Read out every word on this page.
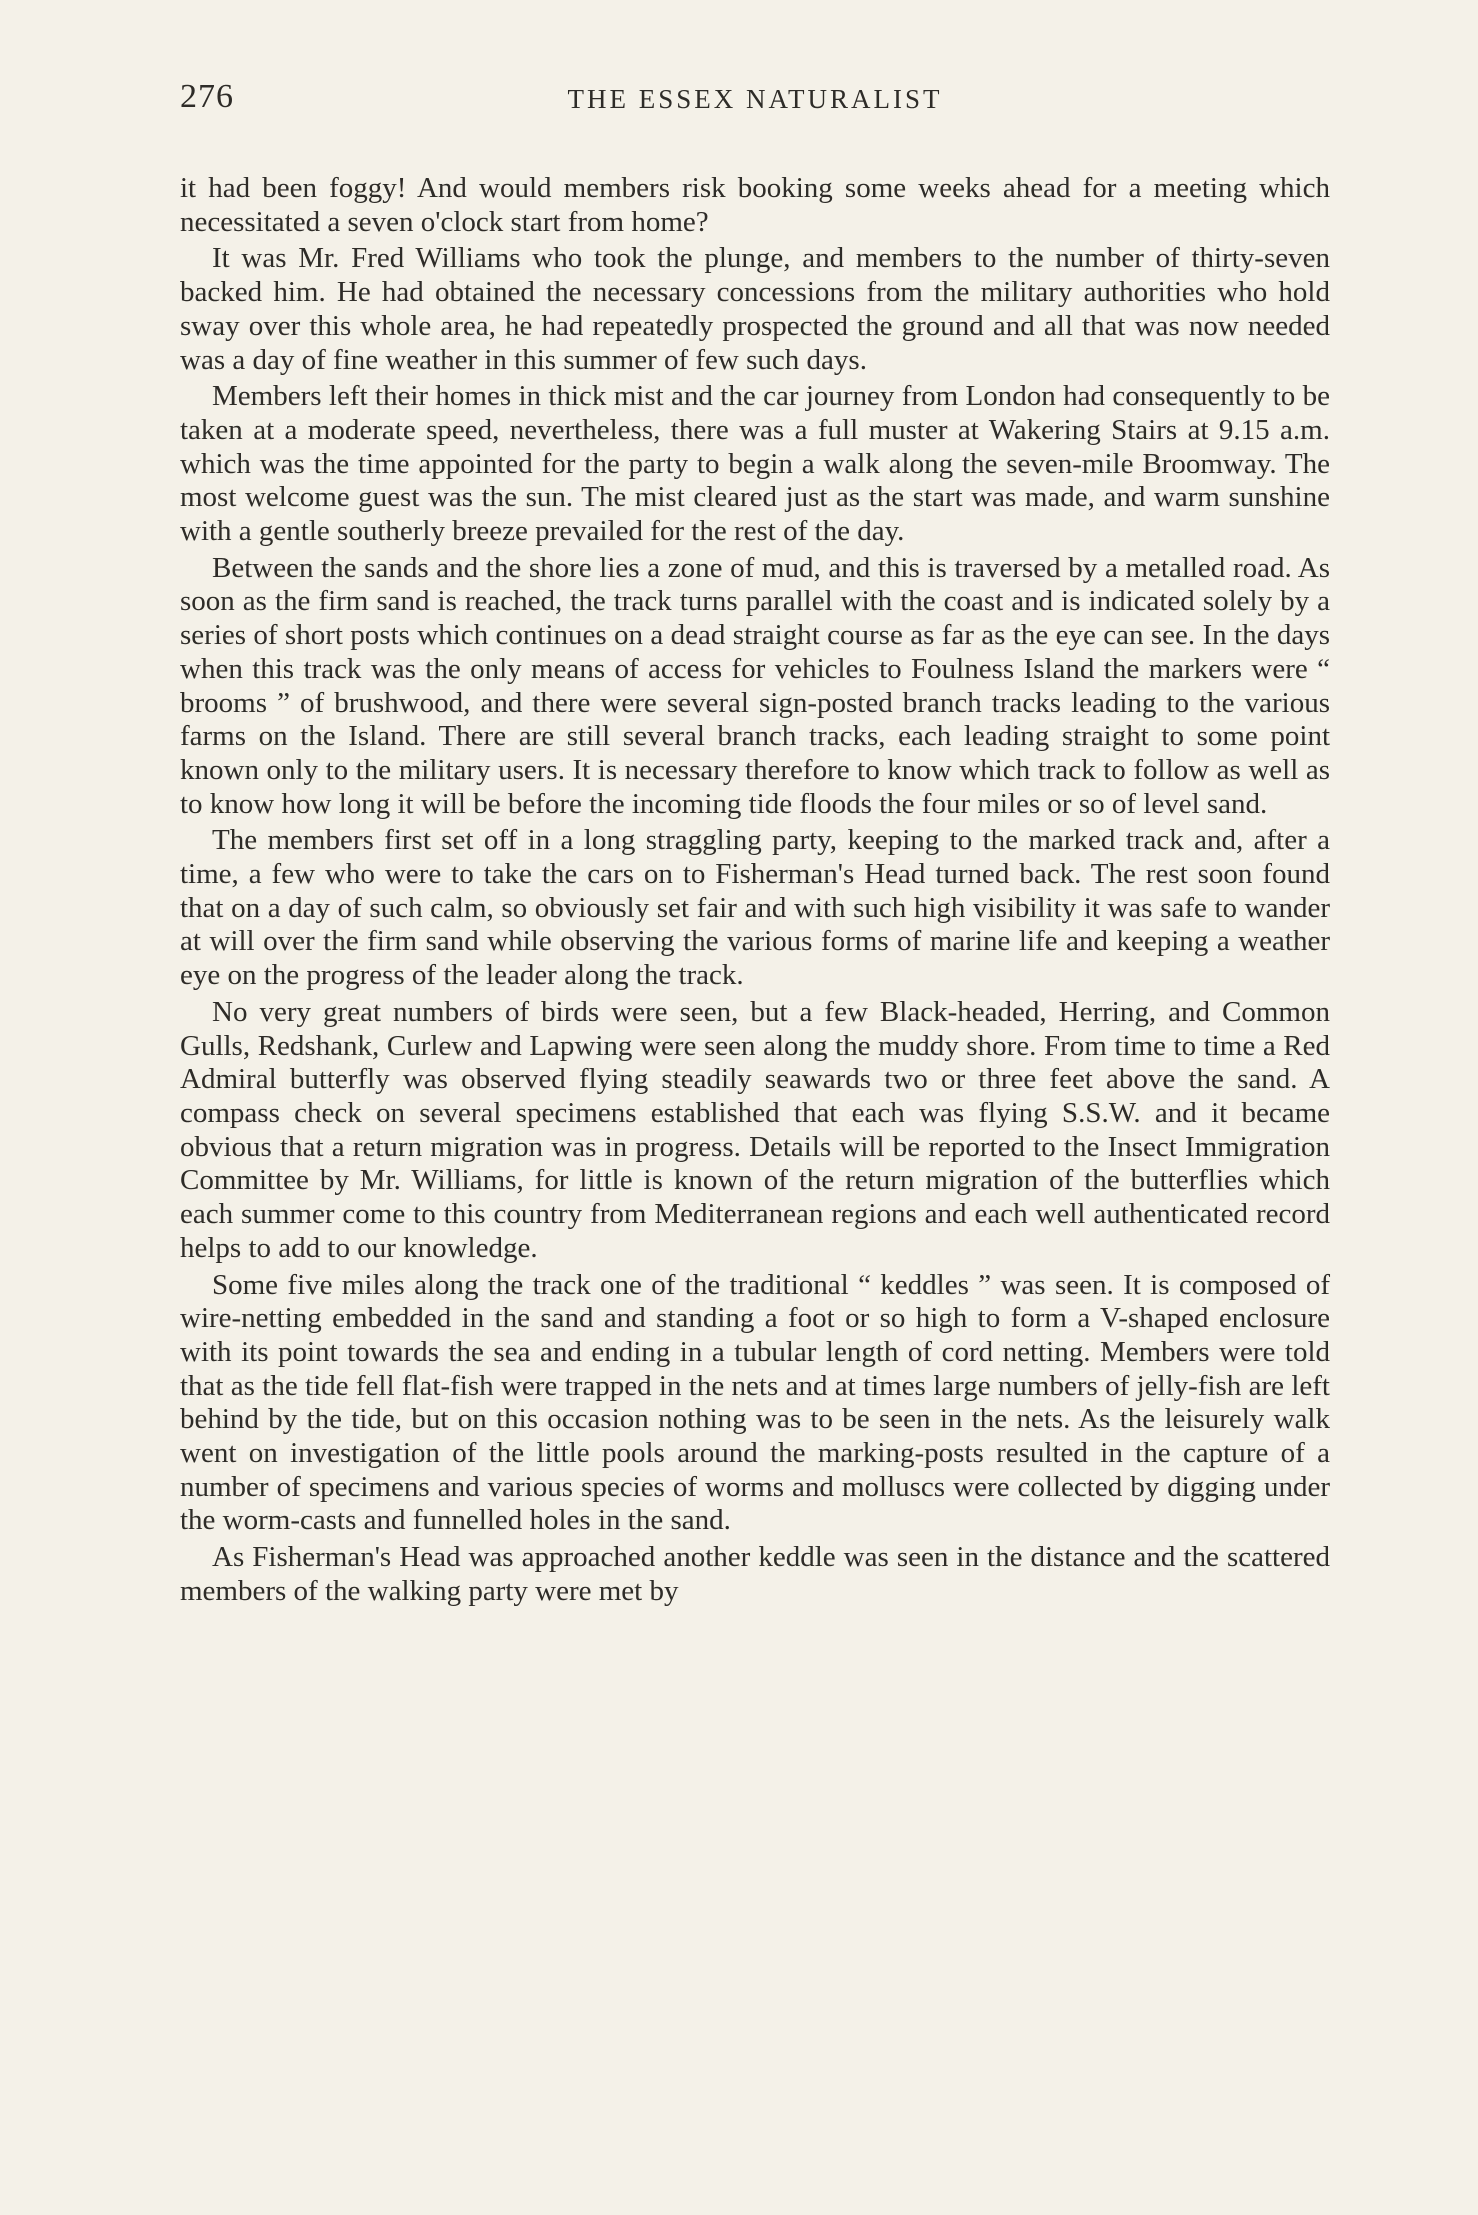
276	THE ESSEX NATURALIST

it had been foggy! And would members risk booking some weeks ahead for a meeting which necessitated a seven o'clock start from home?

It was Mr. Fred Williams who took the plunge, and members to the number of thirty-seven backed him. He had obtained the necessary concessions from the military authorities who hold sway over this whole area, he had repeatedly prospected the ground and all that was now needed was a day of fine weather in this summer of few such days.

Members left their homes in thick mist and the car journey from London had consequently to be taken at a moderate speed, nevertheless, there was a full muster at Wakering Stairs at 9.15 a.m. which was the time appointed for the party to begin a walk along the seven-mile Broomway. The most welcome guest was the sun. The mist cleared just as the start was made, and warm sunshine with a gentle southerly breeze prevailed for the rest of the day.

Between the sands and the shore lies a zone of mud, and this is traversed by a metalled road. As soon as the firm sand is reached, the track turns parallel with the coast and is indicated solely by a series of short posts which continues on a dead straight course as far as the eye can see. In the days when this track was the only means of access for vehicles to Foulness Island the markers were “ brooms ” of brushwood, and there were several sign-posted branch tracks leading to the various farms on the Island. There are still several branch tracks, each leading straight to some point known only to the military users. It is necessary therefore to know which track to follow as well as to know how long it will be before the incoming tide floods the four miles or so of level sand.

The members first set off in a long straggling party, keeping to the marked track and, after a time, a few who were to take the cars on to Fisherman's Head turned back. The rest soon found that on a day of such calm, so obviously set fair and with such high visibility it was safe to wander at will over the firm sand while observing the various forms of marine life and keeping a weather eye on the progress of the leader along the track.

No very great numbers of birds were seen, but a few Black-headed, Herring, and Common Gulls, Redshank, Curlew and Lapwing were seen along the muddy shore. From time to time a Red Admiral butterfly was observed flying steadily seawards two or three feet above the sand. A compass check on several specimens established that each was flying S.S.W. and it became obvious that a return migration was in progress. Details will be reported to the Insect Immigration Committee by Mr. Williams, for little is known of the return migration of the butterflies which each summer come to this country from Mediterranean regions and each well authenticated record helps to add to our knowledge.

Some five miles along the track one of the traditional “ keddles ” was seen. It is composed of wire-netting embedded in the sand and standing a foot or so high to form a V-shaped enclosure with its point towards the sea and ending in a tubular length of cord netting. Members were told that as the tide fell flat-fish were trapped in the nets and at times large numbers of jelly-fish are left behind by the tide, but on this occasion nothing was to be seen in the nets. As the leisurely walk went on investigation of the little pools around the marking-posts resulted in the capture of a number of specimens and various species of worms and molluscs were collected by digging under the worm-casts and funnelled holes in the sand.

As Fisherman's Head was approached another keddle was seen in the distance and the scattered members of the walking party were met by
